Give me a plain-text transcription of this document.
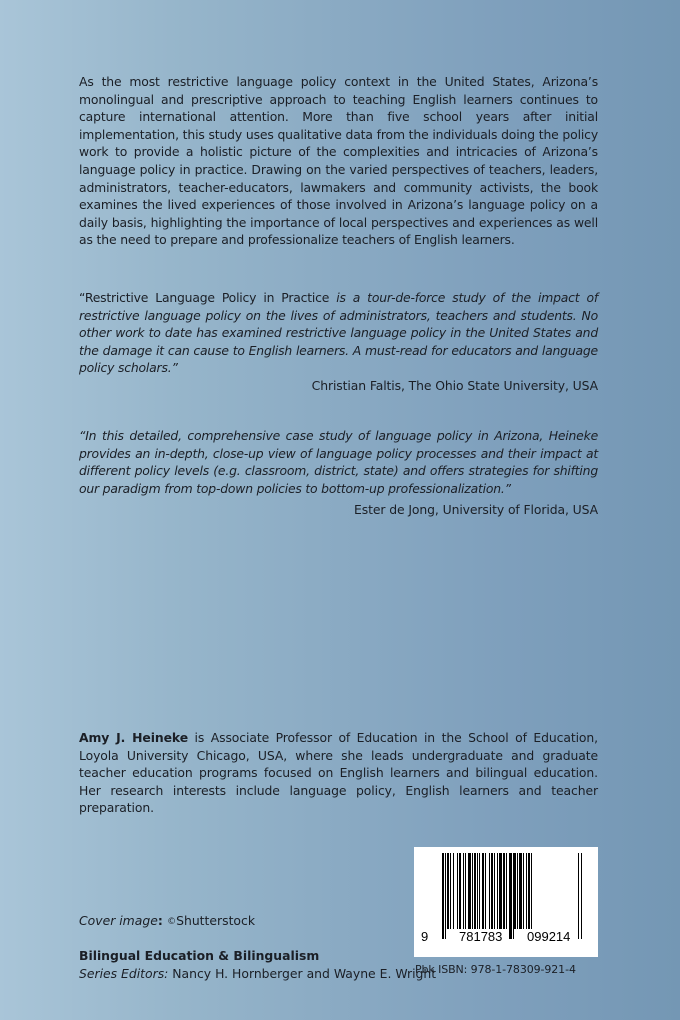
As the most restrictive language policy context in the United States, Arizona’s monolingual and prescriptive approach to teaching English learners continues to capture international attention. More than five school years after initial implementation, this study uses qualitative data from the individuals doing the policy work to provide a holistic picture of the complexities and intricacies of Arizona’s language policy in practice. Drawing on the varied perspectives of teachers, leaders, administrators, teacher-educators, lawmakers and community activists, the book examines the lived experiences of those involved in Arizona’s language policy on a daily basis, highlighting the importance of local perspectives and experiences as well as the need to prepare and professionalize teachers of English learners.
“Restrictive Language Policy in Practice is a tour-de-force study of the impact of restrictive language policy on the lives of administrators, teachers and students. No other work to date has examined restrictive language policy in the United States and the damage it can cause to English learners. A must-read for educators and language policy scholars.”
Christian Faltis, The Ohio State University, USA
“In this detailed, comprehensive case study of language policy in Arizona, Heineke provides an in-depth, close-up view of language policy processes and their impact at different policy levels (e.g. classroom, district, state) and offers strategies for shifting our paradigm from top-down policies to bottom-up professionalization.”
Ester de Jong, University of Florida, USA
Amy J. Heineke is Associate Professor of Education in the School of Education, Loyola University Chicago, USA, where she leads undergraduate and graduate teacher education programs focused on English learners and bilingual education. Her research interests include language policy, English learners and teacher preparation.
Cover image: ©Shutterstock
Bilingual Education & Bilingualism
Series Editors: Nancy H. Hornberger and Wayne E. Wright
9 781783 099214
Pbk ISBN: 978-1-78309-921-4
